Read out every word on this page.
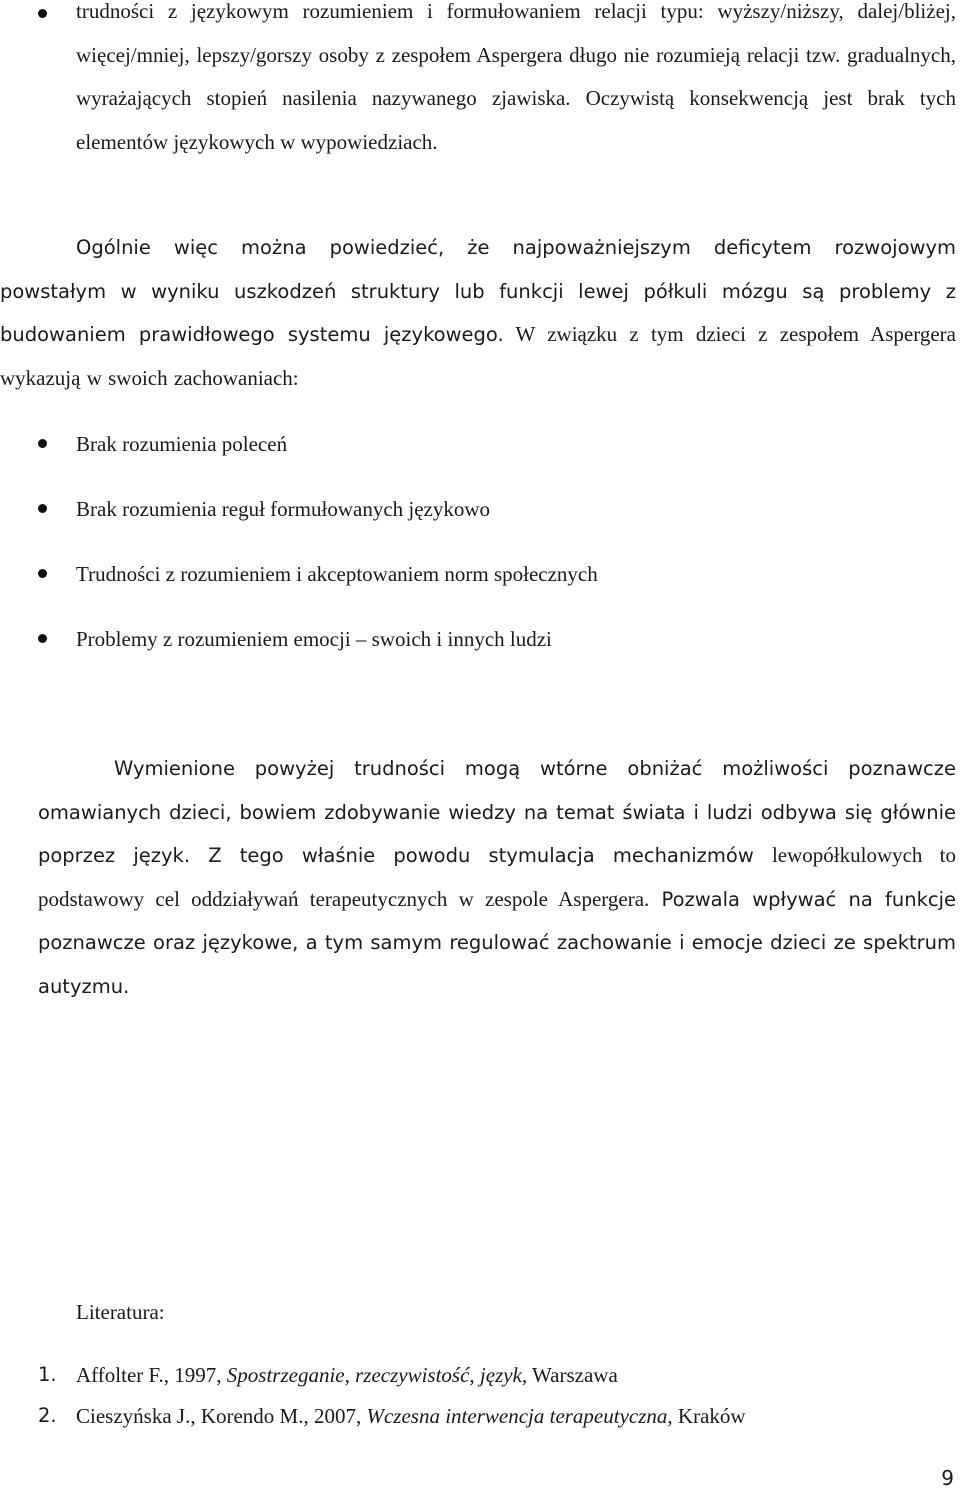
trudności z językowym rozumieniem i formułowaniem relacji typu: wyższy/niższy, dalej/bliżej, więcej/mniej, lepszy/gorszy osoby z zespołem Aspergera długo nie rozumieją relacji tzw. gradualnych, wyrażających stopień nasilenia nazywanego zjawiska. Oczywistą konsekwencją jest brak tych elementów językowych w wypowiedziach.

Ogólnie więc można powiedzieć, że najpoważniejszym deficytem rozwojowym powstałym w wyniku uszkodzeń struktury lub funkcji lewej półkuli mózgu są problemy z budowaniem prawidłowego systemu językowego. W związku z tym dzieci z zespołem Aspergera wykazują w swoich zachowaniach:

Brak rozumienia poleceń
Brak rozumienia reguł formułowanych językowo
Trudności z rozumieniem i akceptowaniem norm społecznych
Problemy z rozumieniem emocji – swoich i innych ludzi

Wymienione powyżej trudności mogą wtórne obniżać możliwości poznawcze omawianych dzieci, bowiem zdobywanie wiedzy na temat świata i ludzi odbywa się głównie poprzez język. Z tego właśnie powodu stymulacja mechanizmów lewopółkulowych to podstawowy cel oddziaływań terapeutycznych w zespole Aspergera. Pozwala wpływać na funkcje poznawcze oraz językowe, a tym samym regulować zachowanie i emocje dzieci ze spektrum autyzmu.

Literatura:
1. Affolter F., 1997, Spostrzeganie, rzeczywistość, język, Warszawa
2. Cieszyńska J., Korendo M., 2007, Wczesna interwencja terapeutyczna, Kraków
9
